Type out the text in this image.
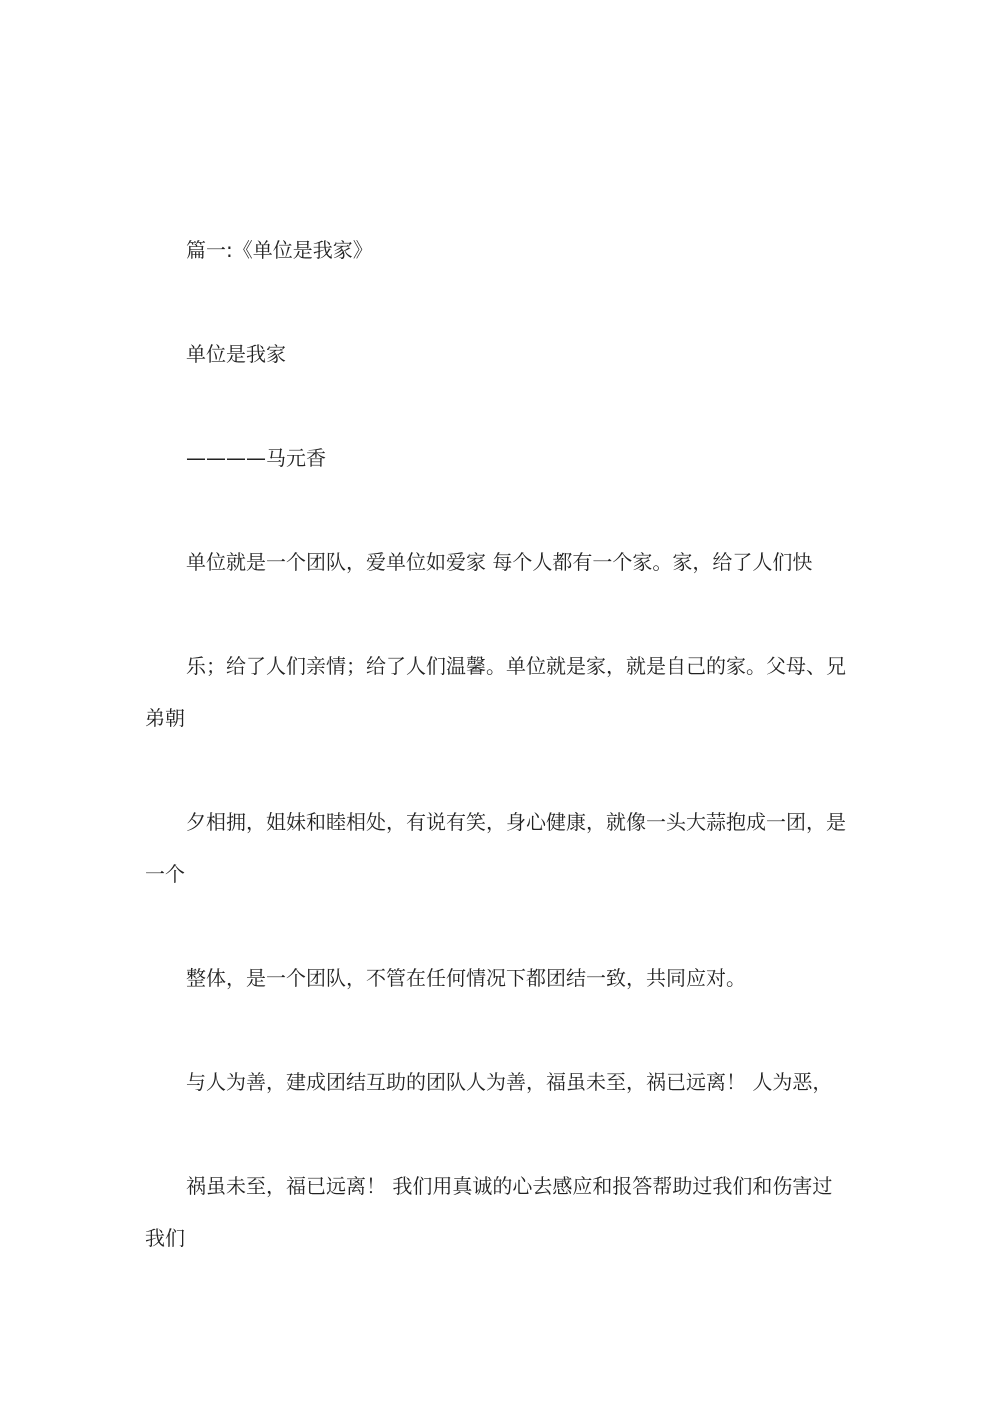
篇一:《单位是我家》
单位是我家
————马元香
单位就是一个团队，爱单位如爱家 每个人都有一个家。家，给了人们快
乐；给了人们亲情；给了人们温馨。单位就是家，就是自己的家。父母、兄
弟朝
夕相拥，姐妹和睦相处，有说有笑，身心健康，就像一头大蒜抱成一团，是
一个
整体，是一个团队，不管在任何情况下都团结一致，共同应对。
与人为善，建成团结互助的团队人为善，福虽未至，祸已远离！ 人为恶，
祸虽未至，福已远离！ 我们用真诚的心去感应和报答帮助过我们和伤害过
我们
